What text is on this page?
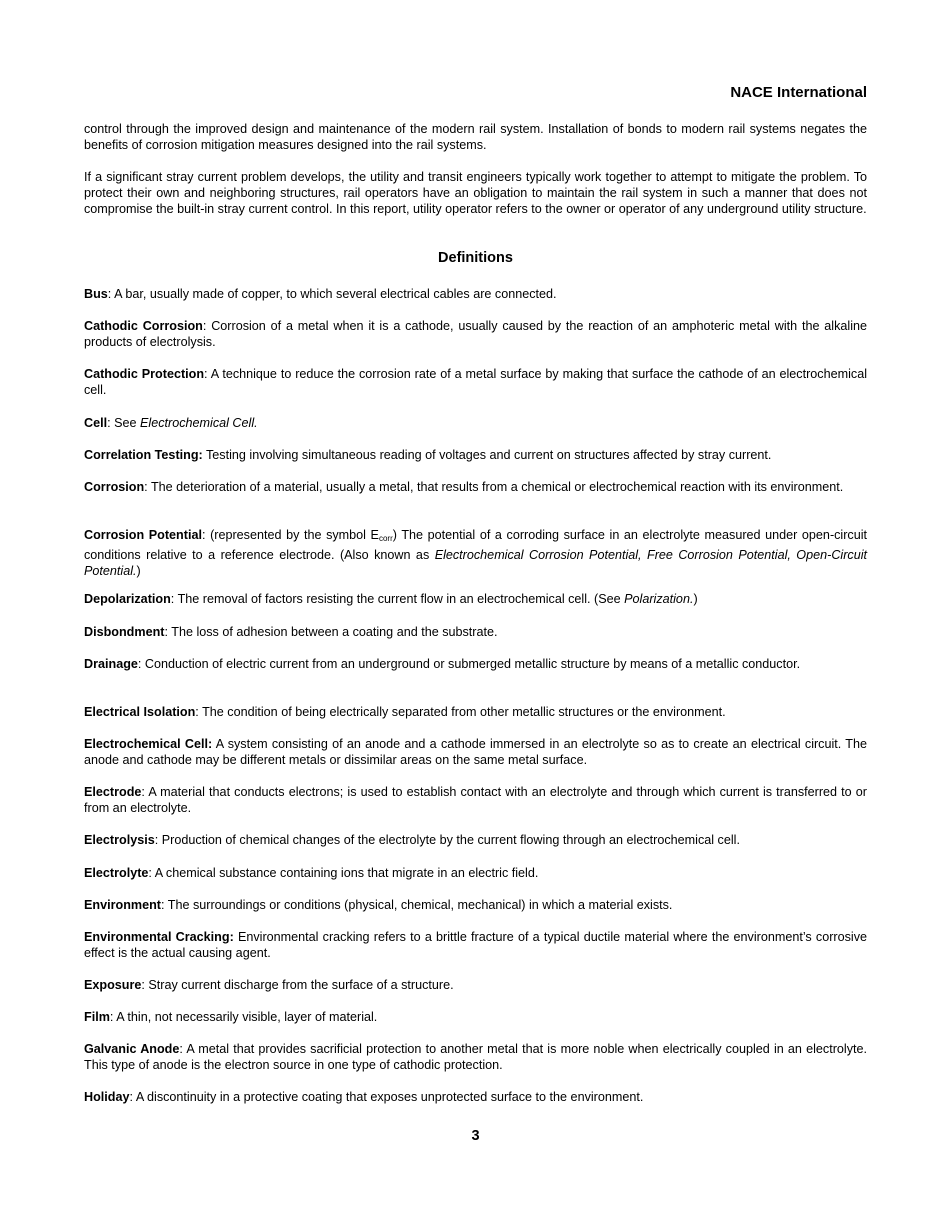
NACE International

control through the improved design and maintenance of the modern rail system. Installation of bonds to modern rail systems negates the benefits of corrosion mitigation measures designed into the rail systems.

If a significant stray current problem develops, the utility and transit engineers typically work together to attempt to mitigate the problem. To protect their own and neighboring structures, rail operators have an obligation to maintain the rail system in such a manner that does not compromise the built-in stray current control. In this report, utility operator refers to the owner or operator of any underground utility structure.

Definitions

Bus: A bar, usually made of copper, to which several electrical cables are connected.

Cathodic Corrosion: Corrosion of a metal when it is a cathode, usually caused by the reaction of an amphoteric metal with the alkaline products of electrolysis.

Cathodic Protection: A technique to reduce the corrosion rate of a metal surface by making that surface the cathode of an electrochemical cell.

Cell: See Electrochemical Cell.

Correlation Testing: Testing involving simultaneous reading of voltages and current on structures affected by stray current.

Corrosion: The deterioration of a material, usually a metal, that results from a chemical or electrochemical reaction with its environment.

Corrosion Potential: (represented by the symbol $E_{corr}$) The potential of a corroding surface in an electrolyte measured under open-circuit conditions relative to a reference electrode. (Also known as Electrochemical Corrosion Potential, Free Corrosion Potential, Open-Circuit Potential.)

Depolarization: The removal of factors resisting the current flow in an electrochemical cell. (See Polarization.)

Disbondment: The loss of adhesion between a coating and the substrate.

Drainage: Conduction of electric current from an underground or submerged metallic structure by means of a metallic conductor.

Electrical Isolation: The condition of being electrically separated from other metallic structures or the environment.

Electrochemical Cell: A system consisting of an anode and a cathode immersed in an electrolyte so as to create an electrical circuit. The anode and cathode may be different metals or dissimilar areas on the same metal surface.

Electrode: A material that conducts electrons; is used to establish contact with an electrolyte and through which current is transferred to or from an electrolyte.

Electrolysis: Production of chemical changes of the electrolyte by the current flowing through an electrochemical cell.

Electrolyte: A chemical substance containing ions that migrate in an electric field.

Environment: The surroundings or conditions (physical, chemical, mechanical) in which a material exists.

Environmental Cracking: Environmental cracking refers to a brittle fracture of a typical ductile material where the environment’s corrosive effect is the actual causing agent.

Exposure: Stray current discharge from the surface of a structure.

Film: A thin, not necessarily visible, layer of material.

Galvanic Anode: A metal that provides sacrificial protection to another metal that is more noble when electrically coupled in an electrolyte. This type of anode is the electron source in one type of cathodic protection.

Holiday: A discontinuity in a protective coating that exposes unprotected surface to the environment.

3
